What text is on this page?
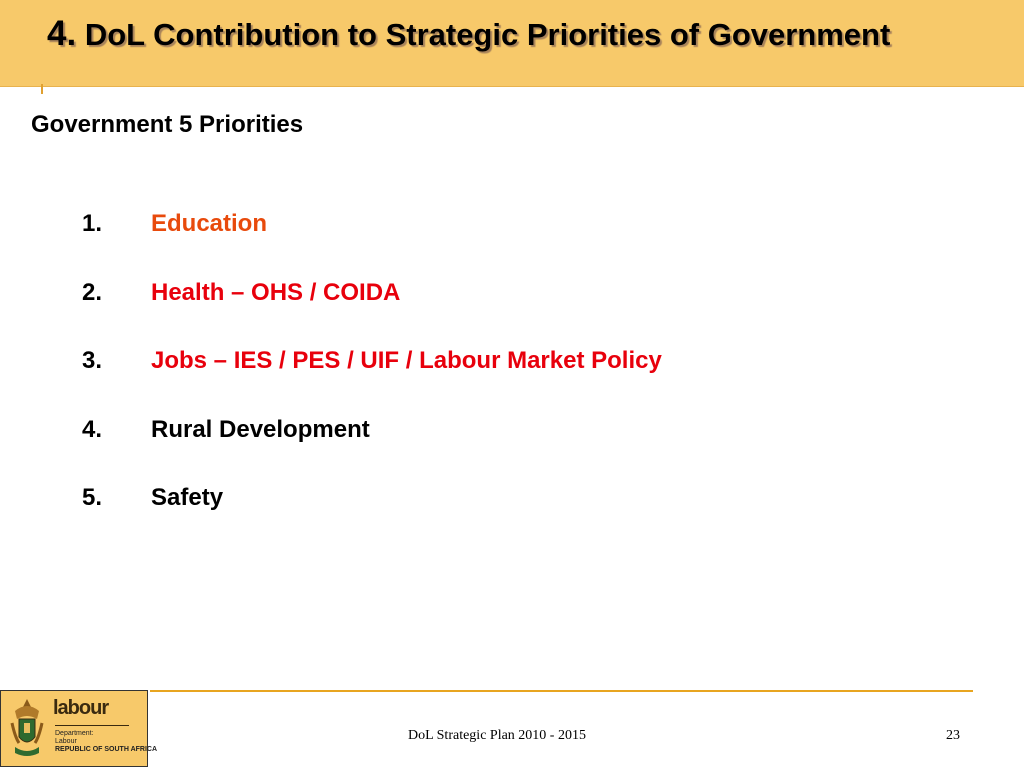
4. DoL Contribution to Strategic Priorities of Government
Government 5 Priorities
1.	Education
2.	Health – OHS / COIDA
3.	Jobs – IES / PES / UIF / Labour Market Policy
4.	Rural Development
5.	Safety
labour
Department:
Labour
REPUBLIC OF SOUTH AFRICA
DoL Strategic Plan 2010 - 2015	23
